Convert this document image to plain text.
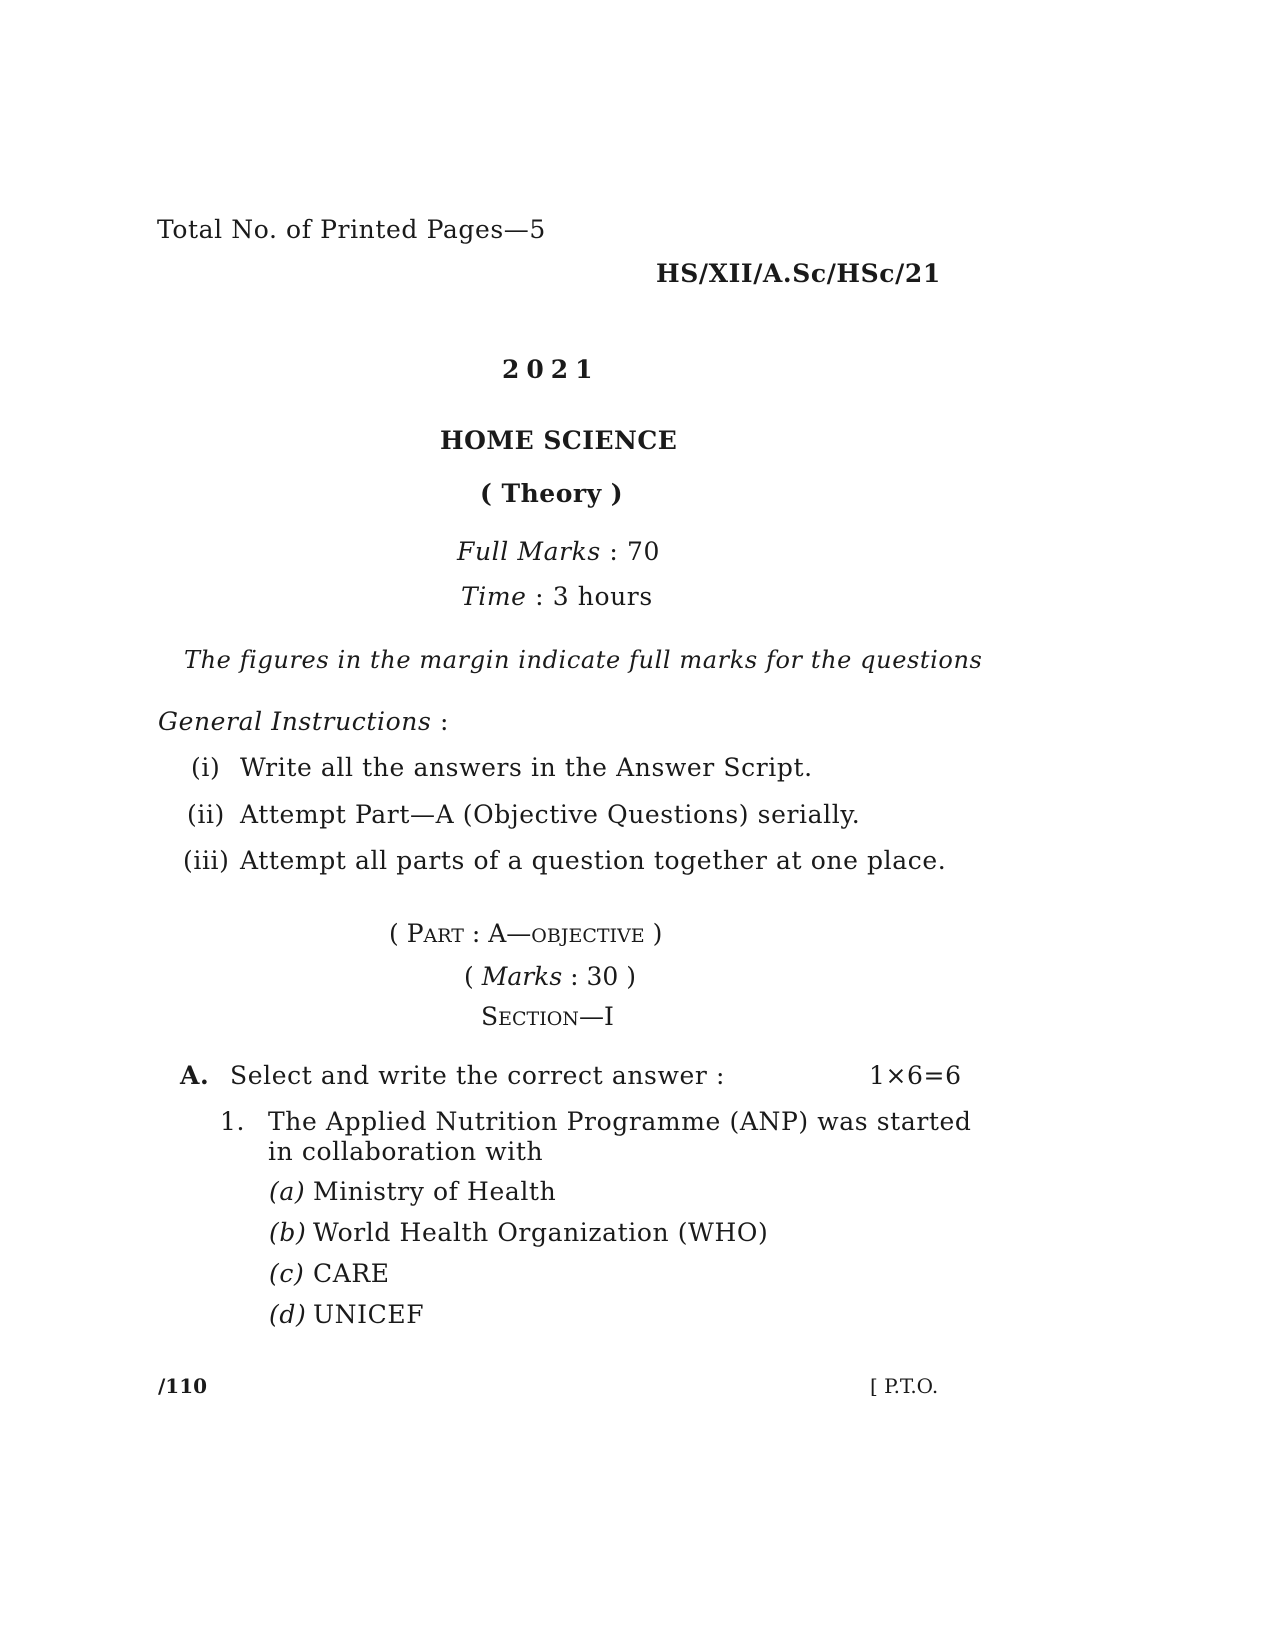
Total No. of Printed Pages—5
HS/XII/A.Sc/HSc/21
2021
HOME SCIENCE
( Theory )
Full Marks : 70
Time : 3 hours
The figures in the margin indicate full marks for the questions
General Instructions :
(i) Write all the answers in the Answer Script.
(ii) Attempt Part—A (Objective Questions) serially.
(iii) Attempt all parts of a question together at one place.
( PART : A—OBJECTIVE )
( Marks : 30 )
SECTION—I
A. Select and write the correct answer :	1×6=6
1. The Applied Nutrition Programme (ANP) was started
in collaboration with
(a) Ministry of Health
(b) World Health Organization (WHO)
(c) CARE
(d) UNICEF
/110	[ P.T.O.
